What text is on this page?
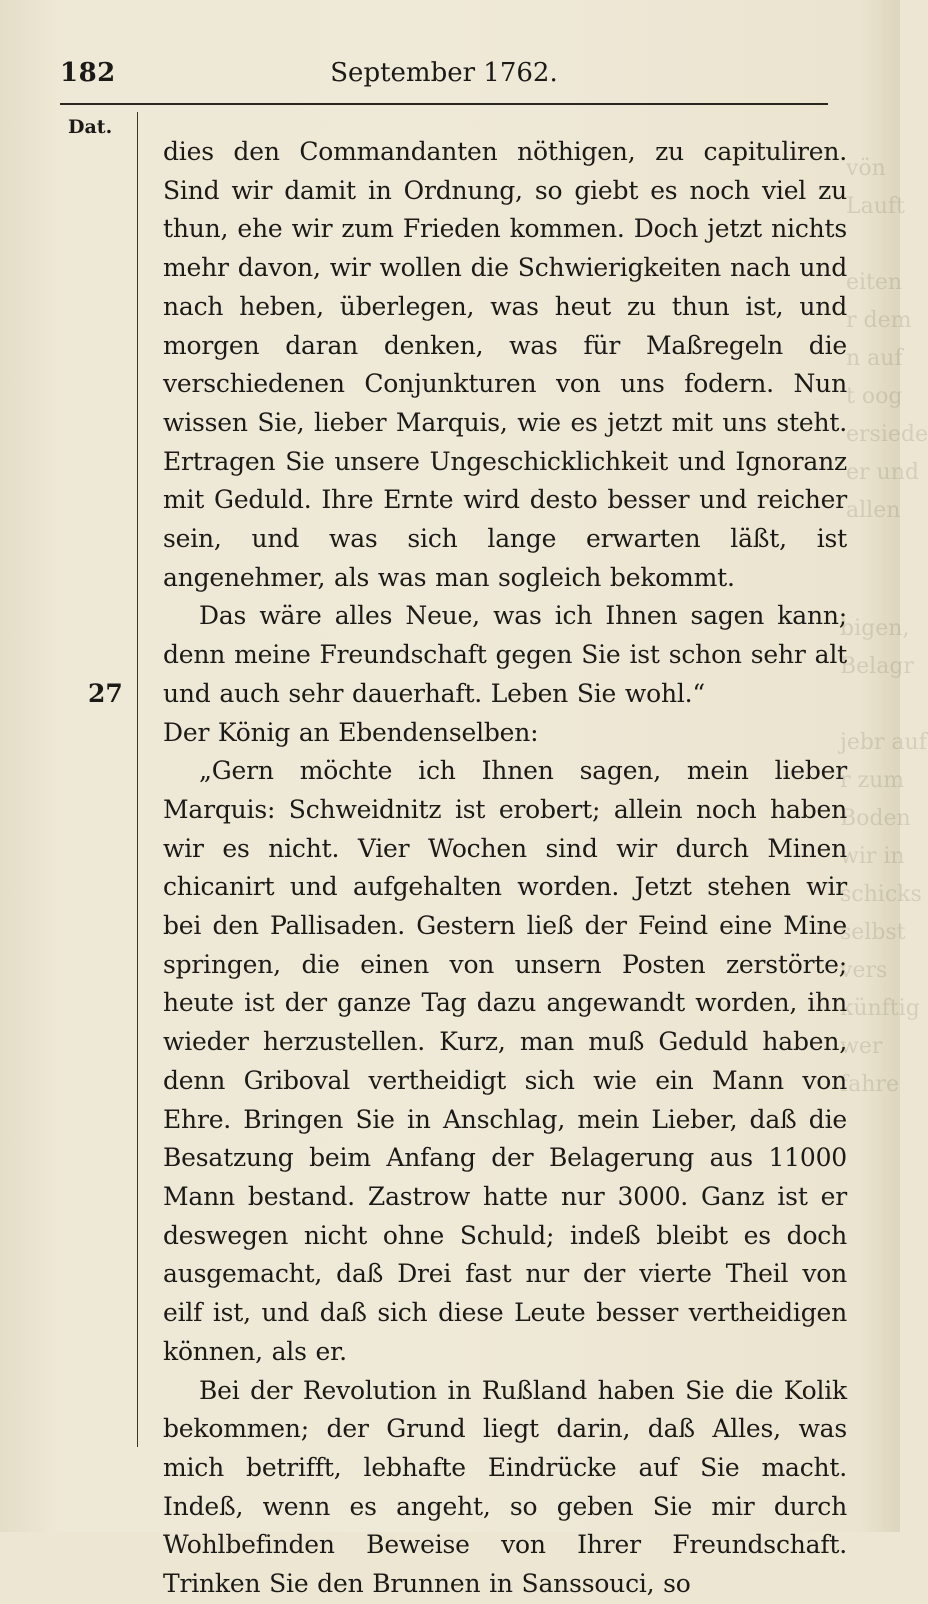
vön
Lauft

eiten
r dem
n auf
t oog
ersiede
er und
allen
bigen,
Belagr

jebr auf
r zum
Boden
wir in
schicks
selbst
vers
künftig
wer
fahre
182	September 1762.
Dat.
27

dies den Commandanten nöthigen, zu capituliren. Sind wir damit in Ordnung, so giebt es noch viel zu thun, ehe wir zum Frieden kommen. Doch jetzt nichts mehr davon, wir wollen die Schwierigkeiten nach und nach heben, überlegen, was heut zu thun ist, und morgen daran denken, was für Maßregeln die verschiedenen Conjunkturen von uns fodern. Nun wissen Sie, lieber Marquis, wie es jetzt mit uns steht. Ertragen Sie unsere Ungeschicklichkeit und Ignoranz mit Geduld. Ihre Ernte wird desto besser und reicher sein, und was sich lange erwarten läßt, ist angenehmer, als was man sogleich bekommt.

Das wäre alles Neue, was ich Ihnen sagen kann; denn meine Freundschaft gegen Sie ist schon sehr alt und auch sehr dauerhaft. Leben Sie wohl.“

Der König an Ebendenselben:

„Gern möchte ich Ihnen sagen, mein lieber Marquis: Schweidnitz ist erobert; allein noch haben wir es nicht. Vier Wochen sind wir durch Minen chicanirt und aufgehalten worden. Jetzt stehen wir bei den Pallisaden. Gestern ließ der Feind eine Mine springen, die einen von unsern Posten zerstörte; heute ist der ganze Tag dazu angewandt worden, ihn wieder herzustellen. Kurz, man muß Geduld haben, denn Griboval vertheidigt sich wie ein Mann von Ehre. Bringen Sie in Anschlag, mein Lieber, daß die Besatzung beim Anfang der Belagerung aus 11000 Mann bestand. Zastrow hatte nur 3000. Ganz ist er deswegen nicht ohne Schuld; indeß bleibt es doch ausgemacht, daß Drei fast nur der vierte Theil von eilf ist, und daß sich diese Leute besser vertheidigen können, als er.

Bei der Revolution in Rußland haben Sie die Kolik bekommen; der Grund liegt darin, daß Alles, was mich betrifft, lebhafte Eindrücke auf Sie macht. Indeß, wenn es angeht, so geben Sie mir durch Wohlbefinden Beweise von Ihrer Freundschaft. Trinken Sie den Brunnen in Sanssouci, so
